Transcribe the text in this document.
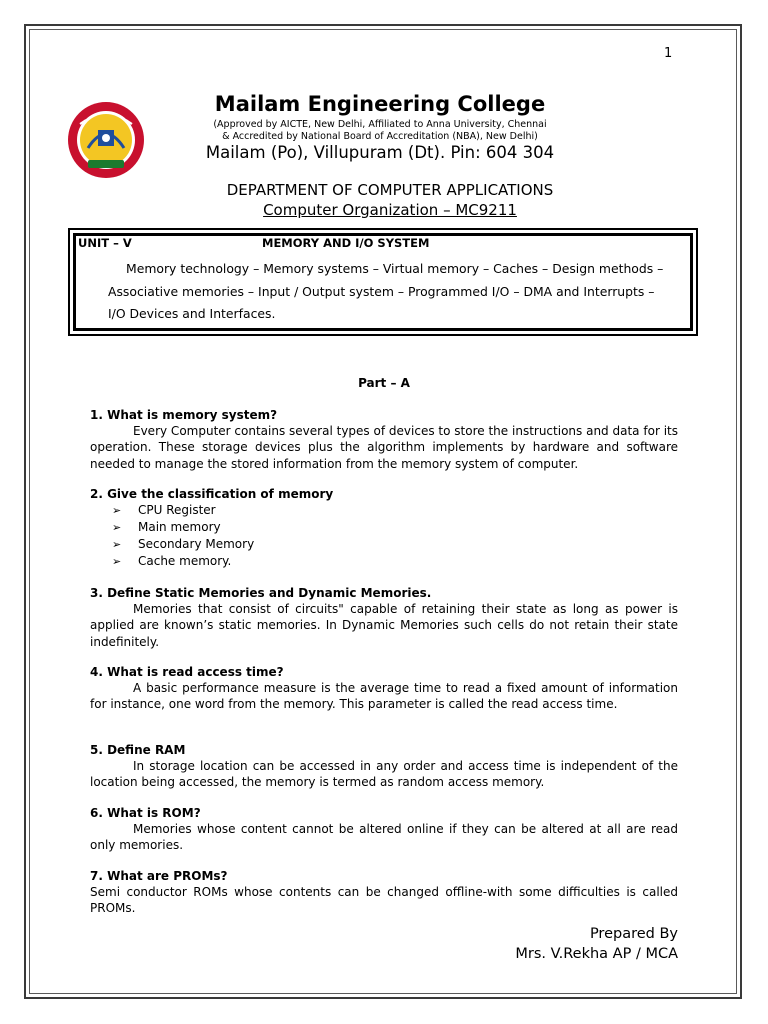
1
Mailam Engineering College
(Approved by AICTE, New Delhi, Affiliated to Anna University, Chennai
& Accredited by National Board of Accreditation (NBA), New Delhi)
Mailam (Po), Villupuram (Dt). Pin: 604 304
DEPARTMENT OF COMPUTER APPLICATIONS
Computer Organization – MC9211
UNIT – V	MEMORY AND I/O SYSTEM
Memory technology – Memory systems – Virtual memory – Caches – Design methods –
Associative memories – Input / Output system – Programmed I/O – DMA and Interrupts –
I/O Devices and Interfaces.
Part – A
1. What is memory system?
Every Computer contains several types of devices to store the instructions and data for its operation. These storage devices plus the algorithm implements by hardware and software needed to manage the stored information from the memory system of computer.
2. Give the classification of memory
➢ CPU Register
➢ Main memory
➢ Secondary Memory
➢ Cache memory.
3. Define Static Memories and Dynamic Memories.
Memories that consist of circuits" capable of retaining their state as long as power is applied are known’s static memories. In Dynamic Memories such cells do not retain their state indefinitely.
4. What is read access time?
A basic performance measure is the average time to read a fixed amount of information for instance, one word from the memory. This parameter is called the read access time.
5. Define RAM
In storage location can be accessed in any order and access time is independent of the location being accessed, the memory is termed as random access memory.
6. What is ROM?
Memories whose content cannot be altered online if they can be altered at all are read only memories.
7. What are PROMs?
Semi conductor ROMs whose contents can be changed offline-with some difficulties is called PROMs.
Prepared By
Mrs. V.Rekha AP / MCA
